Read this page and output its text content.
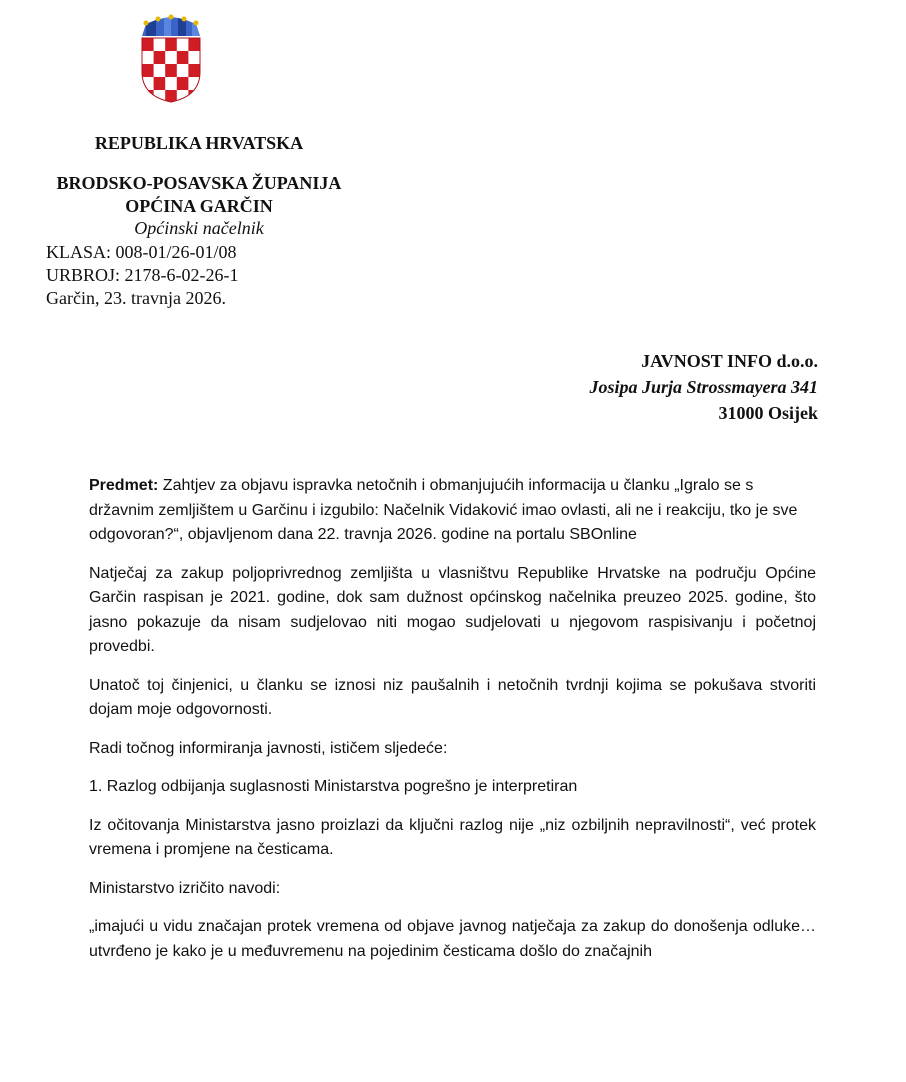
REPUBLIKA HRVATSKA
BRODSKO-POSAVSKA ŽUPANIJA
OPĆINA GARČIN
Općinski načelnik
KLASA: 008-01/26-01/08
URBROJ: 2178-6-02-26-1
Garčin, 23. travnja 2026.
JAVNOST INFO d.o.o.
Josipa Jurja Strossmayera 341
31000 Osijek

Predmet: Zahtjev za objavu ispravka netočnih i obmanjujućih informacija u članku „Igralo se s državnim zemljištem u Garčinu i izgubilo: Načelnik Vidaković imao ovlasti, ali ne i reakciju, tko je sve odgovoran?“, objavljenom dana 22. travnja 2026. godine na portalu SBOnline

Natječaj za zakup poljoprivrednog zemljišta u vlasništvu Republike Hrvatske na području Općine Garčin raspisan je 2021. godine, dok sam dužnost općinskog načelnika preuzeo 2025. godine, što jasno pokazuje da nisam sudjelovao niti mogao sudjelovati u njegovom raspisivanju i početnoj provedbi.

Unatoč toj činjenici, u članku se iznosi niz paušalnih i netočnih tvrdnji kojima se pokušava stvoriti dojam moje odgovornosti.

Radi točnog informiranja javnosti, ističem sljedeće:

1. Razlog odbijanja suglasnosti Ministarstva pogrešno je interpretiran

Iz očitovanja Ministarstva jasno proizlazi da ključni razlog nije „niz ozbiljnih nepravilnosti“, već protek vremena i promjene na česticama.

Ministarstvo izričito navodi:

„imajući u vidu značajan protek vremena od objave javnog natječaja za zakup do donošenja odluke… utvrđeno je kako je u međuvremenu na pojedinim česticama došlo do značajnih
